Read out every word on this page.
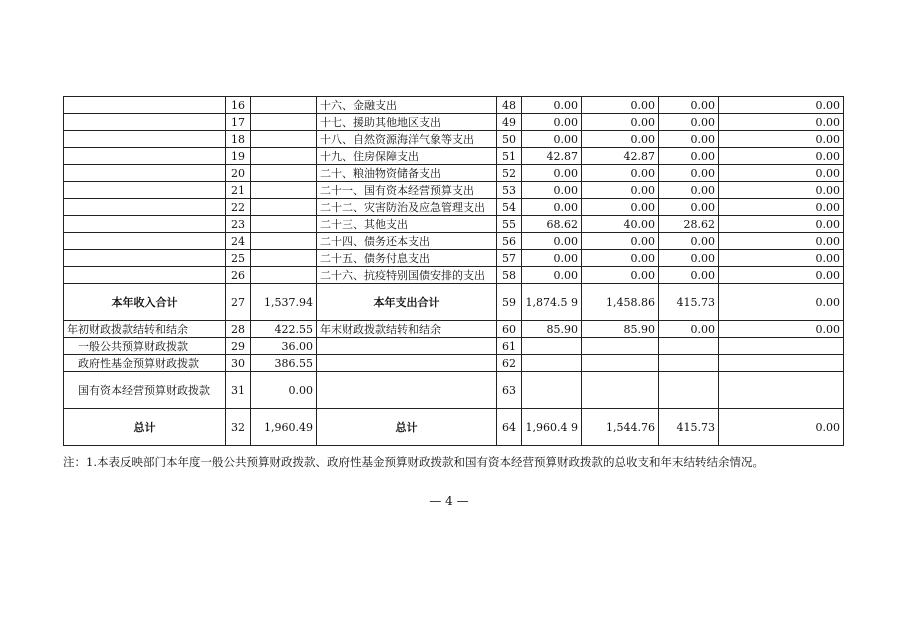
	16		十六、金融支出	48	0.00	0.00	0.00	0.00
	17		十七、援助其他地区支出	49	0.00	0.00	0.00	0.00
	18		十八、自然资源海洋气象等支出	50	0.00	0.00	0.00	0.00
	19		十九、住房保障支出	51	42.87	42.87	0.00	0.00
	20		二十、粮油物资储备支出	52	0.00	0.00	0.00	0.00
	21		二十一、国有资本经营预算支出	53	0.00	0.00	0.00	0.00
	22		二十二、灾害防治及应急管理支出	54	0.00	0.00	0.00	0.00
	23		二十三、其他支出	55	68.62	40.00	28.62	0.00
	24		二十四、债务还本支出	56	0.00	0.00	0.00	0.00
	25		二十五、债务付息支出	57	0.00	0.00	0.00	0.00
	26		二十六、抗疫特别国债安排的支出	58	0.00	0.00	0.00	0.00
本年收入合计	27	1,537.94	本年支出合计	59	1,874.5 9	1,458.86	415.73	0.00
年初财政拨款结转和结余	28	422.55	年末财政拨款结转和结余	60	85.90	85.90	0.00	0.00
一般公共预算财政拨款	29	36.00		61				
政府性基金预算财政拨款	30	386.55		62				
国有资本经营预算财政拨款	31	0.00		63				
总计	32	1,960.49	总计	64	1,960.4 9	1,544.76	415.73	0.00
注：1.本表反映部门本年度一般公共预算财政拨款、政府性基金预算财政拨款和国有资本经营预算财政拨款的总收支和年末结转结余情况。
— 4 —
